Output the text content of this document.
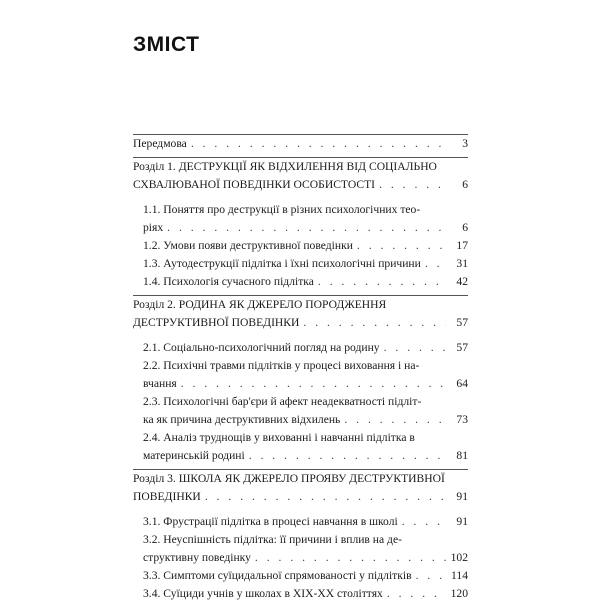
ЗМІСТ
Передмова . . .	3
Розділ 1. ДЕСТРУКЦІЇ ЯК ВІДХИЛЕННЯ ВІД СОЦІАЛЬНО
СХВАЛЮВАНОЇ ПОВЕДІНКИ ОСОБИСТОСТІ . . .	6
1.1. Поняття про деструкції в різних психологічних тео-
ріях . . .	6
1.2. Умови появи деструктивної поведінки . . .	17
1.3. Аутодеструкції підлітка і їхні психологічні причини . . .	31
1.4. Психологія сучасного підлітка . . .	42
Розділ 2. РОДИНА ЯК ДЖЕРЕЛО ПОРОДЖЕННЯ
ДЕСТРУКТИВНОЇ ПОВЕДІНКИ . . .	57
2.1. Соціально-психологічний погляд на родину . . .	57
2.2. Психічні травми підлітків у процесі виховання і на-
вчання . . .	64
2.3. Психологічні бар'єри й афект неадекватності підліт-
ка як причина деструктивних відхилень . . .	73
2.4. Аналіз труднощів у вихованні і навчанні підлітка в
материнській родині . . .	81
Розділ 3. ШКОЛА ЯК ДЖЕРЕЛО ПРОЯВУ ДЕСТРУКТИВНОЇ
ПОВЕДІНКИ . . .	91
3.1. Фрустрації підлітка в процесі навчання в школі . . .	91
3.2. Неуспішність підлітка: її причини і вплив на де-
структивну поведінку . . .	102
3.3. Симптоми суїцидальної спрямованості у підлітків . . .	114
3.4. Суїциди учнів у школах в ХІХ-ХХ століттях . . .	120
